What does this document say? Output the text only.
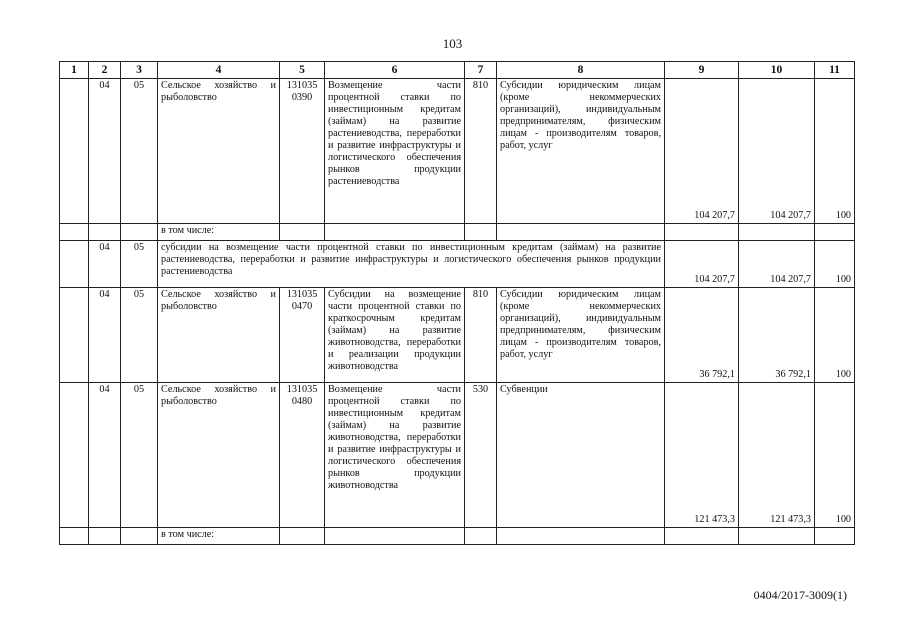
103
1	2	3	4	5	6	7	8	9	10	11
	04	05	Сельское хозяйство и рыболовство	131035 0390	Возмещение части процентной ставки по инвестиционным кредитам (займам) на развитие растениеводства, переработки и развитие инфраструктуры и логистического обеспечения рынков продукции растениеводства	810	Субсидии юридическим лицам (кроме некоммерческих организаций), индивидуальным предпринимателям, физическим лицам - производителям товаров, работ, услуг	104 207,7	104 207,7	100
			в том числе:							
	04	05	субсидии на возмещение части процентной ставки по инвестиционным кредитам (займам) на развитие растениеводства, переработки и развитие инфраструктуры и логистического обеспечения рынков продукции растениеводства					104 207,7	104 207,7	100
	04	05	Сельское хозяйство и рыболовство	131035 0470	Субсидии на возмещение части процентной ставки по краткосрочным кредитам (займам) на развитие животноводства, переработки и реализации продукции животноводства	810	Субсидии юридическим лицам (кроме некоммерческих организаций), индивидуальным предпринимателям, физическим лицам - производителям товаров, работ, услуг	36 792,1	36 792,1	100
	04	05	Сельское хозяйство и рыболовство	131035 0480	Возмещение части процентной ставки по инвестиционным кредитам (займам) на развитие животноводства, переработки и развитие инфраструктуры и логистического обеспечения рынков продукции животноводства	530	Субвенции	121 473,3	121 473,3	100
			в том числе:							
0404/2017-3009(1)
